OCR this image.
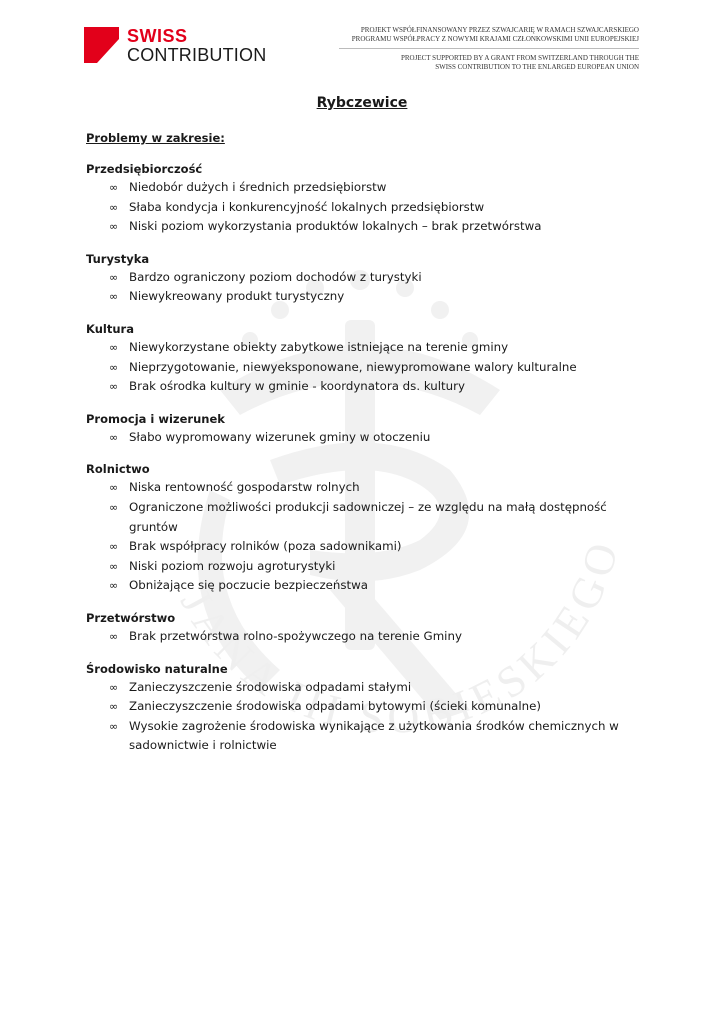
SWISS
CONTRIBUTION
PROJEKT WSPÓŁFINANSOWANY PRZEZ SZWAJCARIĘ W RAMACH SZWAJCARSKIEGO
PROGRAMU WSPÓŁPRACY Z NOWYMI KRAJAMI CZŁONKOWSKIMI UNII EUROPEJSKIEJ
PROJECT SUPPORTED BY A GRANT FROM SWITZERLAND THROUGH THE
SWISS CONTRIBUTION TO THE ENLARGED EUROPEAN UNION
JANA III SOBIESKIEGO
Rybczewice

Problemy w zakresie:

Przedsiębiorczość

∞ Niedobór dużych i średnich przedsiębiorstw
∞ Słaba kondycja i konkurencyjność lokalnych przedsiębiorstw
∞ Niski poziom wykorzystania produktów lokalnych – brak przetwórstwa

Turystyka

∞ Bardzo ograniczony poziom dochodów z turystyki
∞ Niewykreowany produkt turystyczny

Kultura

∞ Niewykorzystane obiekty zabytkowe istniejące na terenie gminy
∞ Nieprzygotowanie, niewyeksponowane, niewypromowane walory kulturalne
∞ Brak ośrodka kultury w gminie - koordynatora ds. kultury

Promocja i wizerunek

∞ Słabo wypromowany wizerunek gminy w otoczeniu

Rolnictwo

∞ Niska rentowność gospodarstw rolnych
∞ Ograniczone możliwości produkcji sadowniczej – ze względu na małą dostępność gruntów
∞ Brak współpracy rolników (poza sadownikami)
∞ Niski poziom rozwoju agroturystyki
∞ Obniżające się poczucie bezpieczeństwa

Przetwórstwo

∞ Brak przetwórstwa rolno-spożywczego na terenie Gminy

Środowisko naturalne

∞ Zanieczyszczenie środowiska odpadami stałymi
∞ Zanieczyszczenie środowiska odpadami bytowymi (ścieki komunalne)
∞ Wysokie zagrożenie środowiska wynikające z użytkowania środków chemicznych w sadownictwie i rolnictwie
